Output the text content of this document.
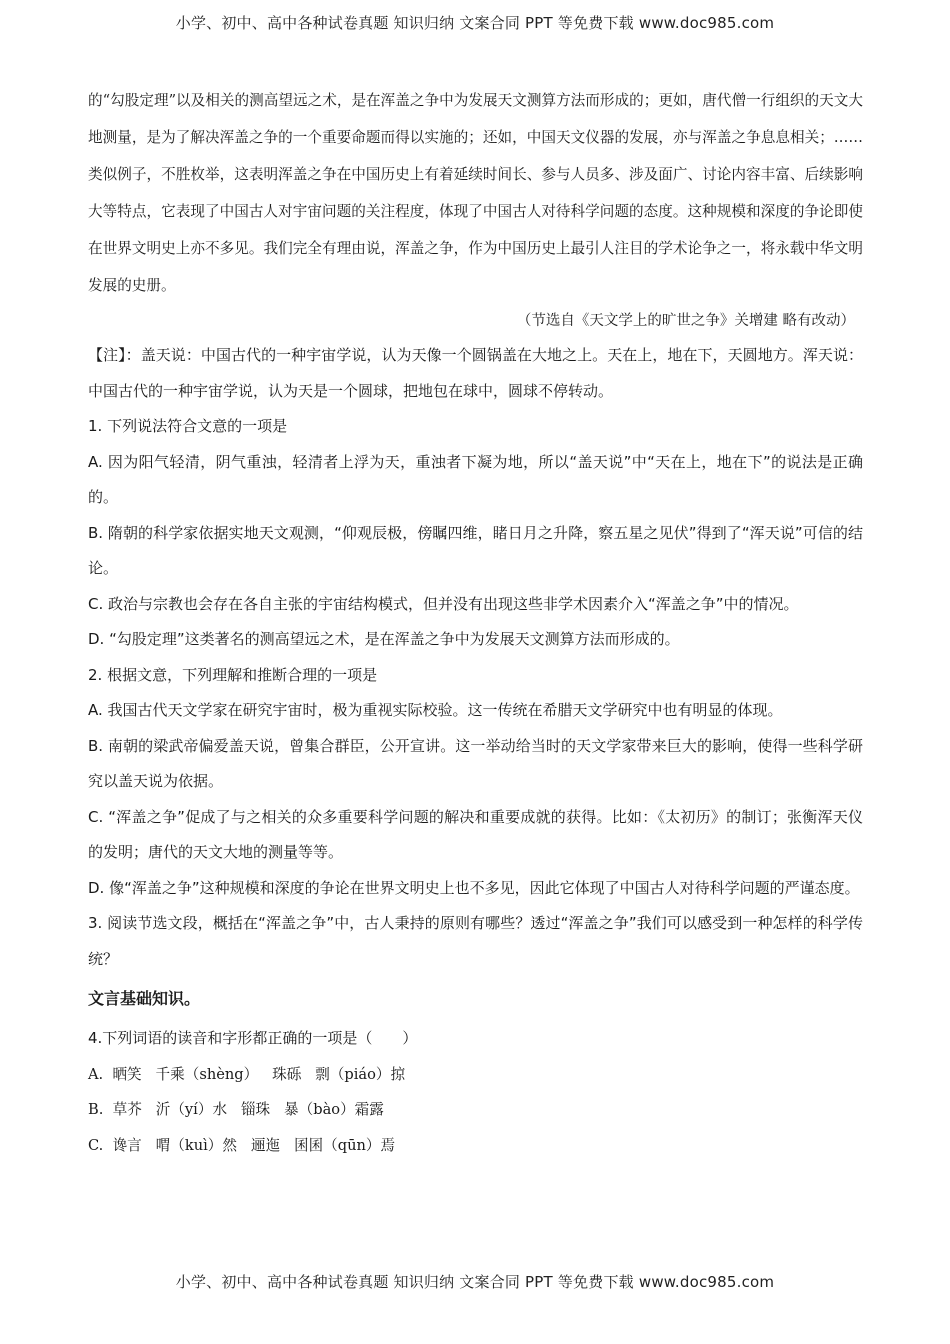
小学、初中、高中各种试卷真题 知识归纳 文案合同 PPT 等免费下载 www.doc985.com

的“勾股定理”以及相关的测高望远之术，是在浑盖之争中为发展天文测算方法而形成的；更如，唐代僧一行组织的天文大地测量，是为了解决浑盖之争的一个重要命题而得以实施的；还如，中国天文仪器的发展，亦与浑盖之争息息相关；……类似例子，不胜枚举，这表明浑盖之争在中国历史上有着延续时间长、参与人员多、涉及面广、讨论内容丰富、后续影响大等特点，它表现了中国古人对宇宙问题的关注程度，体现了中国古人对待科学问题的态度。这种规模和深度的争论即使在世界文明史上亦不多见。我们完全有理由说，浑盖之争，作为中国历史上最引人注目的学术论争之一，将永载中华文明发展的史册。

（节选自《天文学上的旷世之争》关增建 略有改动）

【注】：盖天说：中国古代的一种宇宙学说，认为天像一个圆锅盖在大地之上。天在上，地在下，天圆地方。浑天说：中国古代的一种宇宙学说，认为天是一个圆球，把地包在球中，圆球不停转动。

1. 下列说法符合文意的一项是

A. 因为阳气轻清，阴气重浊，轻清者上浮为天，重浊者下凝为地，所以“盖天说”中“天在上，地在下”的说法是正确的。

B. 隋朝的科学家依据实地天文观测，“仰观辰极，傍瞩四维，睹日月之升降，察五星之见伏”得到了“浑天说”可信的结论。

C. 政治与宗教也会存在各自主张的宇宙结构模式，但并没有出现这些非学术因素介入“浑盖之争”中的情况。

D. “勾股定理”这类著名的测高望远之术，是在浑盖之争中为发展天文测算方法而形成的。

2. 根据文意，下列理解和推断合理的一项是

A. 我国古代天文学家在研究宇宙时，极为重视实际校验。这一传统在希腊天文学研究中也有明显的体现。

B. 南朝的梁武帝偏爱盖天说，曾集合群臣，公开宣讲。这一举动给当时的天文学家带来巨大的影响，使得一些科学研究以盖天说为依据。

C. “浑盖之争”促成了与之相关的众多重要科学问题的解决和重要成就的获得。比如：《太初历》的制订；张衡浑天仪的发明；唐代的天文大地的测量等等。

D. 像“浑盖之争”这种规模和深度的争论在世界文明史上也不多见，因此它体现了中国古人对待科学问题的严谨态度。

3. 阅读节选文段，概括在“浑盖之争”中，古人秉持的原则有哪些？透过“浑盖之争”我们可以感受到一种怎样的科学传统？

文言基础知识。

4.下列词语的读音和字形都正确的一项是（　　）

A.  晒笑   千乘（shèng）   珠砾   剽（piáo）掠

B.  草芥   沂（yí）水   锱珠   暴（bào）霜露

C.  谗言   喟（kuì）然   逦迤   囷囷（qūn）焉

小学、初中、高中各种试卷真题 知识归纳 文案合同 PPT 等免费下载 www.doc985.com
